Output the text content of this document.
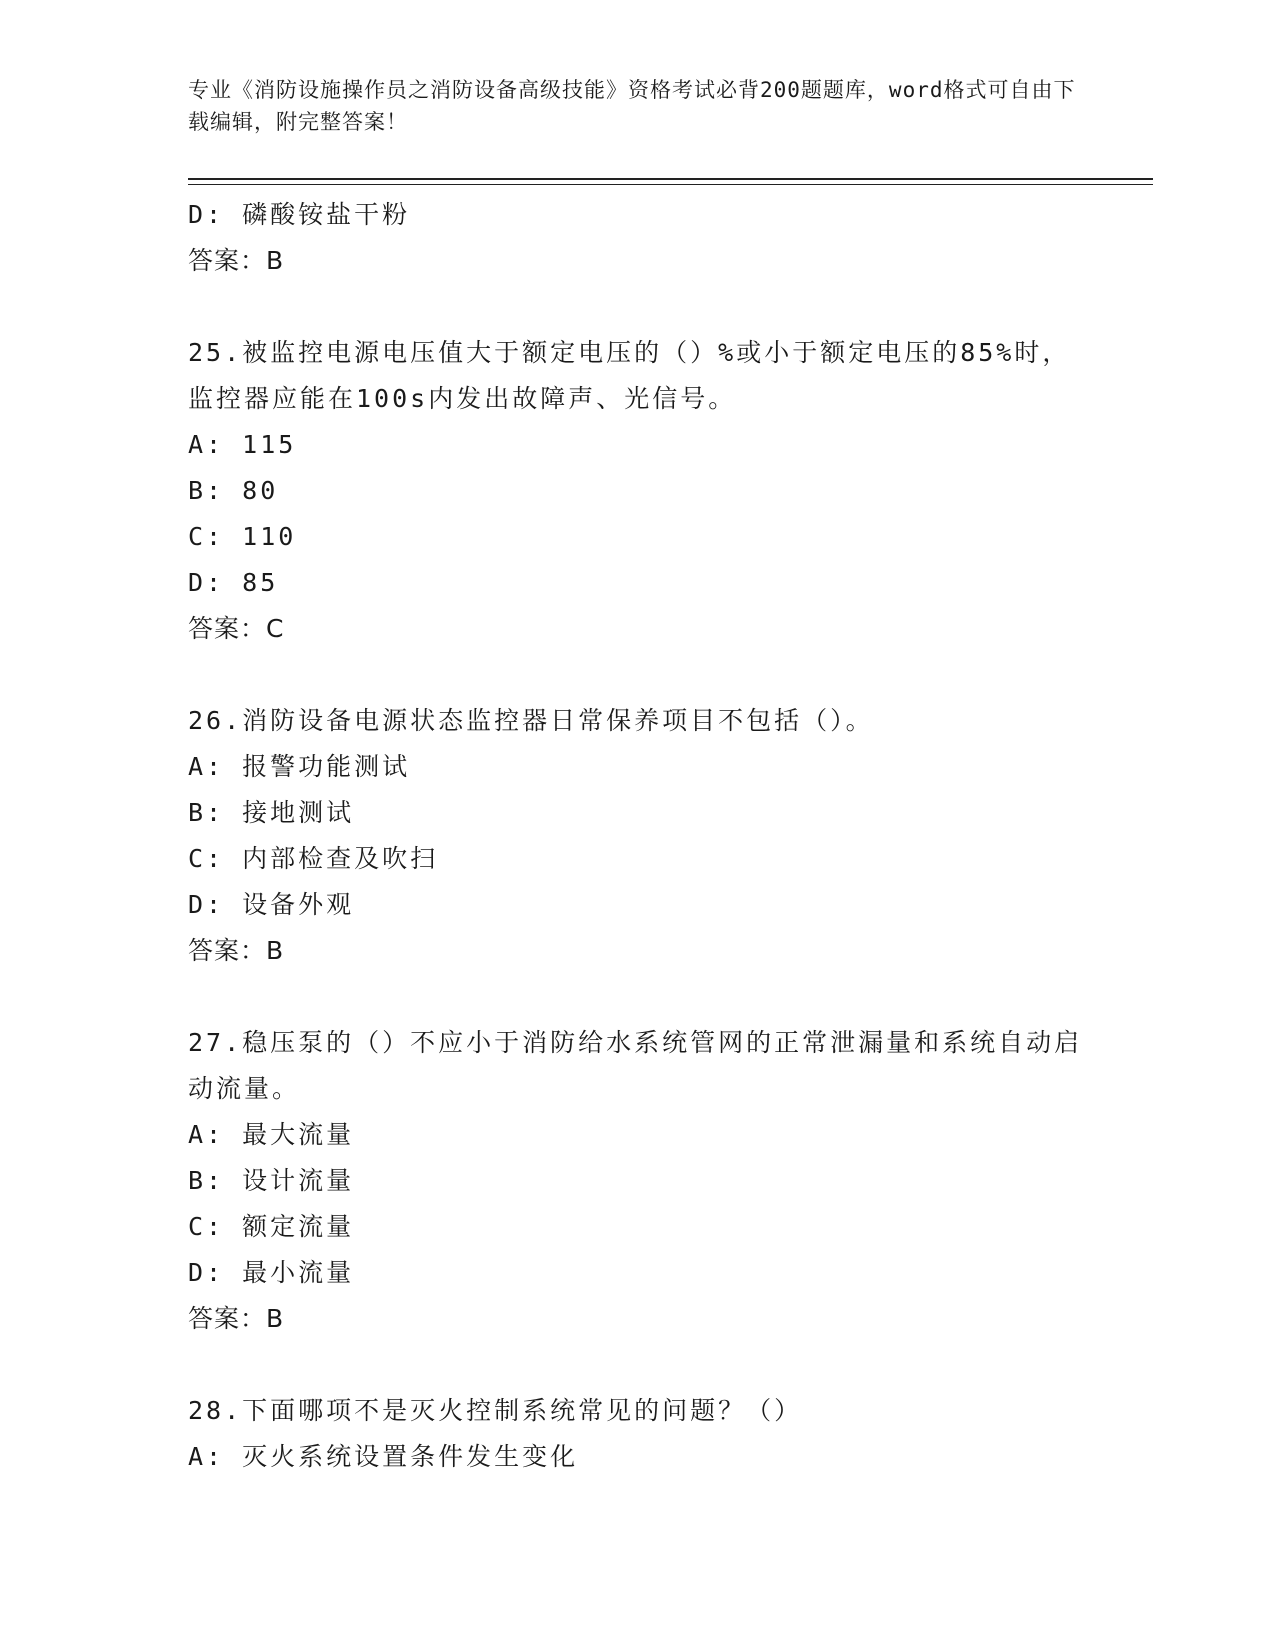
专业《消防设施操作员之消防设备高级技能》资格考试必背200题题库，word格式可自由下载编辑，附完整答案！
D: 磷酸铵盐干粉
答案：B
25.被监控电源电压值大于额定电压的（）%或小于额定电压的85%时，监控器应能在100s内发出故障声、光信号。
A: 115
B: 80
C: 110
D: 85
答案：C
26.消防设备电源状态监控器日常保养项目不包括（）。
A: 报警功能测试
B: 接地测试
C: 内部检查及吹扫
D: 设备外观
答案：B
27.稳压泵的（）不应小于消防给水系统管网的正常泄漏量和系统自动启动流量。
A: 最大流量
B: 设计流量
C: 额定流量
D: 最小流量
答案：B
28.下面哪项不是灭火控制系统常见的问题？（）
A: 灭火系统设置条件发生变化
